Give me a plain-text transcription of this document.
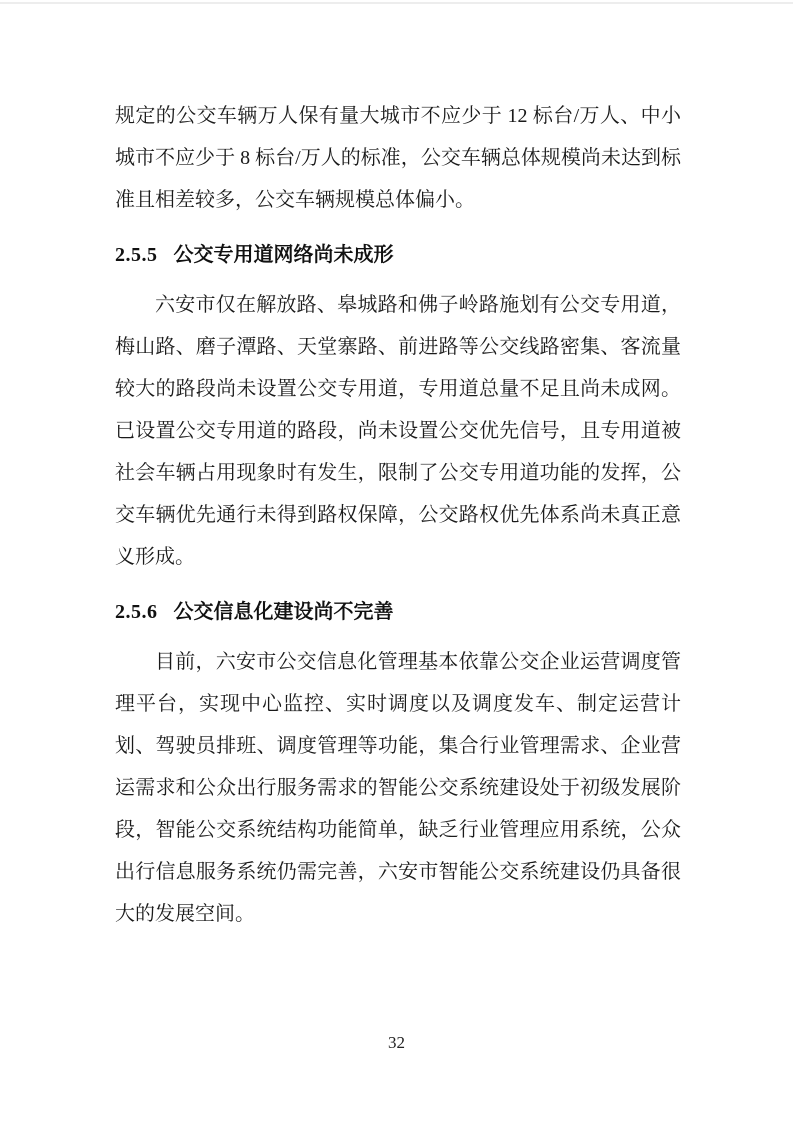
规定的公交车辆万人保有量大城市不应少于 12 标台/万人、中小城市不应少于 8 标台/万人的标准，公交车辆总体规模尚未达到标准且相差较多，公交车辆规模总体偏小。

2.5.5 公交专用道网络尚未成形

六安市仅在解放路、皋城路和佛子岭路施划有公交专用道，梅山路、磨子潭路、天堂寨路、前进路等公交线路密集、客流量较大的路段尚未设置公交专用道，专用道总量不足且尚未成网。已设置公交专用道的路段，尚未设置公交优先信号，且专用道被社会车辆占用现象时有发生，限制了公交专用道功能的发挥，公交车辆优先通行未得到路权保障，公交路权优先体系尚未真正意义形成。

2.5.6 公交信息化建设尚不完善

目前，六安市公交信息化管理基本依靠公交企业运营调度管理平台，实现中心监控、实时调度以及调度发车、制定运营计划、驾驶员排班、调度管理等功能，集合行业管理需求、企业营运需求和公众出行服务需求的智能公交系统建设处于初级发展阶段，智能公交系统结构功能简单，缺乏行业管理应用系统，公众出行信息服务系统仍需完善，六安市智能公交系统建设仍具备很大的发展空间。

32
